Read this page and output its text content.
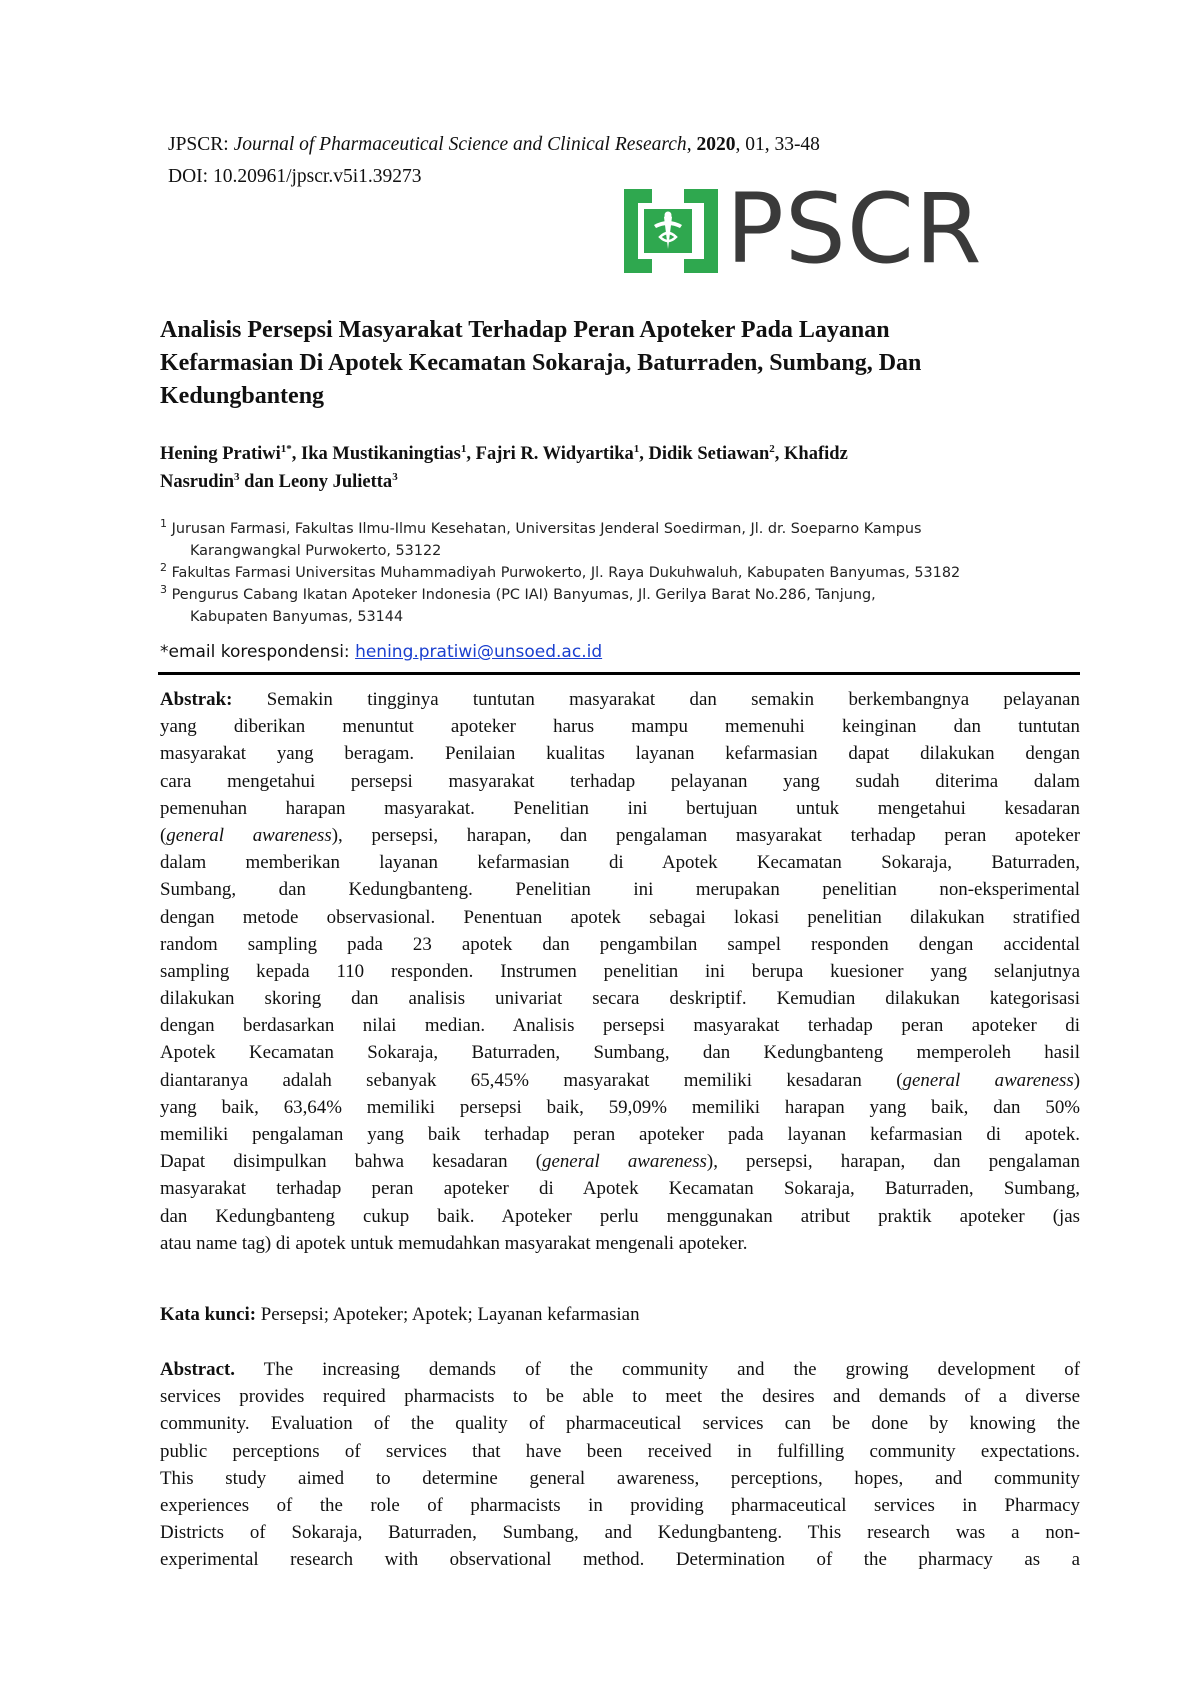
JPSCR: Journal of Pharmaceutical Science and Clinical Research, 2020, 01, 33-48
DOI: 10.20961/jpscr.v5i1.39273	PSCR
Analisis Persepsi Masyarakat Terhadap Peran Apoteker Pada Layanan
Kefarmasian Di Apotek Kecamatan Sokaraja, Baturraden, Sumbang, Dan
Kedungbanteng
Hening Pratiwi$^{1*}$, Ika Mustikaningtias$^1$, Fajri R. Widyartika$^1$, Didik Setiawan$^2$, Khafidz
Nasrudin$^3$ dan Leony Julietta$^3$
$^1$ Jurusan Farmasi, Fakultas Ilmu-Ilmu Kesehatan, Universitas Jenderal Soedirman, Jl. dr. Soeparno Kampus
Karangwangkal Purwokerto, 53122
$^2$ Fakultas Farmasi Universitas Muhammadiyah Purwokerto, Jl. Raya Dukuhwaluh, Kabupaten Banyumas, 53182
$^3$ Pengurus Cabang Ikatan Apoteker Indonesia (PC IAI) Banyumas, Jl. Gerilya Barat No.286, Tanjung,
Kabupaten Banyumas, 53144
*email korespondensi: hening.pratiwi@unsoed.ac.id
Abstrak: Semakin tingginya tuntutan masyarakat dan semakin berkembangnya pelayanan
yang diberikan menuntut apoteker harus mampu memenuhi keinginan dan tuntutan
masyarakat yang beragam. Penilaian kualitas layanan kefarmasian dapat dilakukan dengan
cara mengetahui persepsi masyarakat terhadap pelayanan yang sudah diterima dalam
pemenuhan harapan masyarakat. Penelitian ini bertujuan untuk mengetahui kesadaran
(general awareness), persepsi, harapan, dan pengalaman masyarakat terhadap peran apoteker
dalam memberikan layanan kefarmasian di Apotek Kecamatan Sokaraja, Baturraden,
Sumbang, dan Kedungbanteng. Penelitian ini merupakan penelitian non-eksperimental
dengan metode observasional. Penentuan apotek sebagai lokasi penelitian dilakukan stratified
random sampling pada 23 apotek dan pengambilan sampel responden dengan accidental
sampling kepada 110 responden. Instrumen penelitian ini berupa kuesioner yang selanjutnya
dilakukan skoring dan analisis univariat secara deskriptif. Kemudian dilakukan kategorisasi
dengan berdasarkan nilai median. Analisis persepsi masyarakat terhadap peran apoteker di
Apotek Kecamatan Sokaraja, Baturraden, Sumbang, dan Kedungbanteng memperoleh hasil
diantaranya adalah sebanyak 65,45% masyarakat memiliki kesadaran (general awareness)
yang baik, 63,64% memiliki persepsi baik, 59,09% memiliki harapan yang baik, dan 50%
memiliki pengalaman yang baik terhadap peran apoteker pada layanan kefarmasian di apotek.
Dapat disimpulkan bahwa kesadaran (general awareness), persepsi, harapan, dan pengalaman
masyarakat terhadap peran apoteker di Apotek Kecamatan Sokaraja, Baturraden, Sumbang,
dan Kedungbanteng cukup baik. Apoteker perlu menggunakan atribut praktik apoteker (jas
atau name tag) di apotek untuk memudahkan masyarakat mengenali apoteker.
Kata kunci: Persepsi; Apoteker; Apotek; Layanan kefarmasian
Abstract. The increasing demands of the community and the growing development of
services provides required pharmacists to be able to meet the desires and demands of a diverse
community. Evaluation of the quality of pharmaceutical services can be done by knowing the
public perceptions of services that have been received in fulfilling community expectations.
This study aimed to determine general awareness, perceptions, hopes, and community
experiences of the role of pharmacists in providing pharmaceutical services in Pharmacy
Districts of Sokaraja, Baturraden, Sumbang, and Kedungbanteng. This research was a non-
experimental research with observational method. Determination of the pharmacy as a
